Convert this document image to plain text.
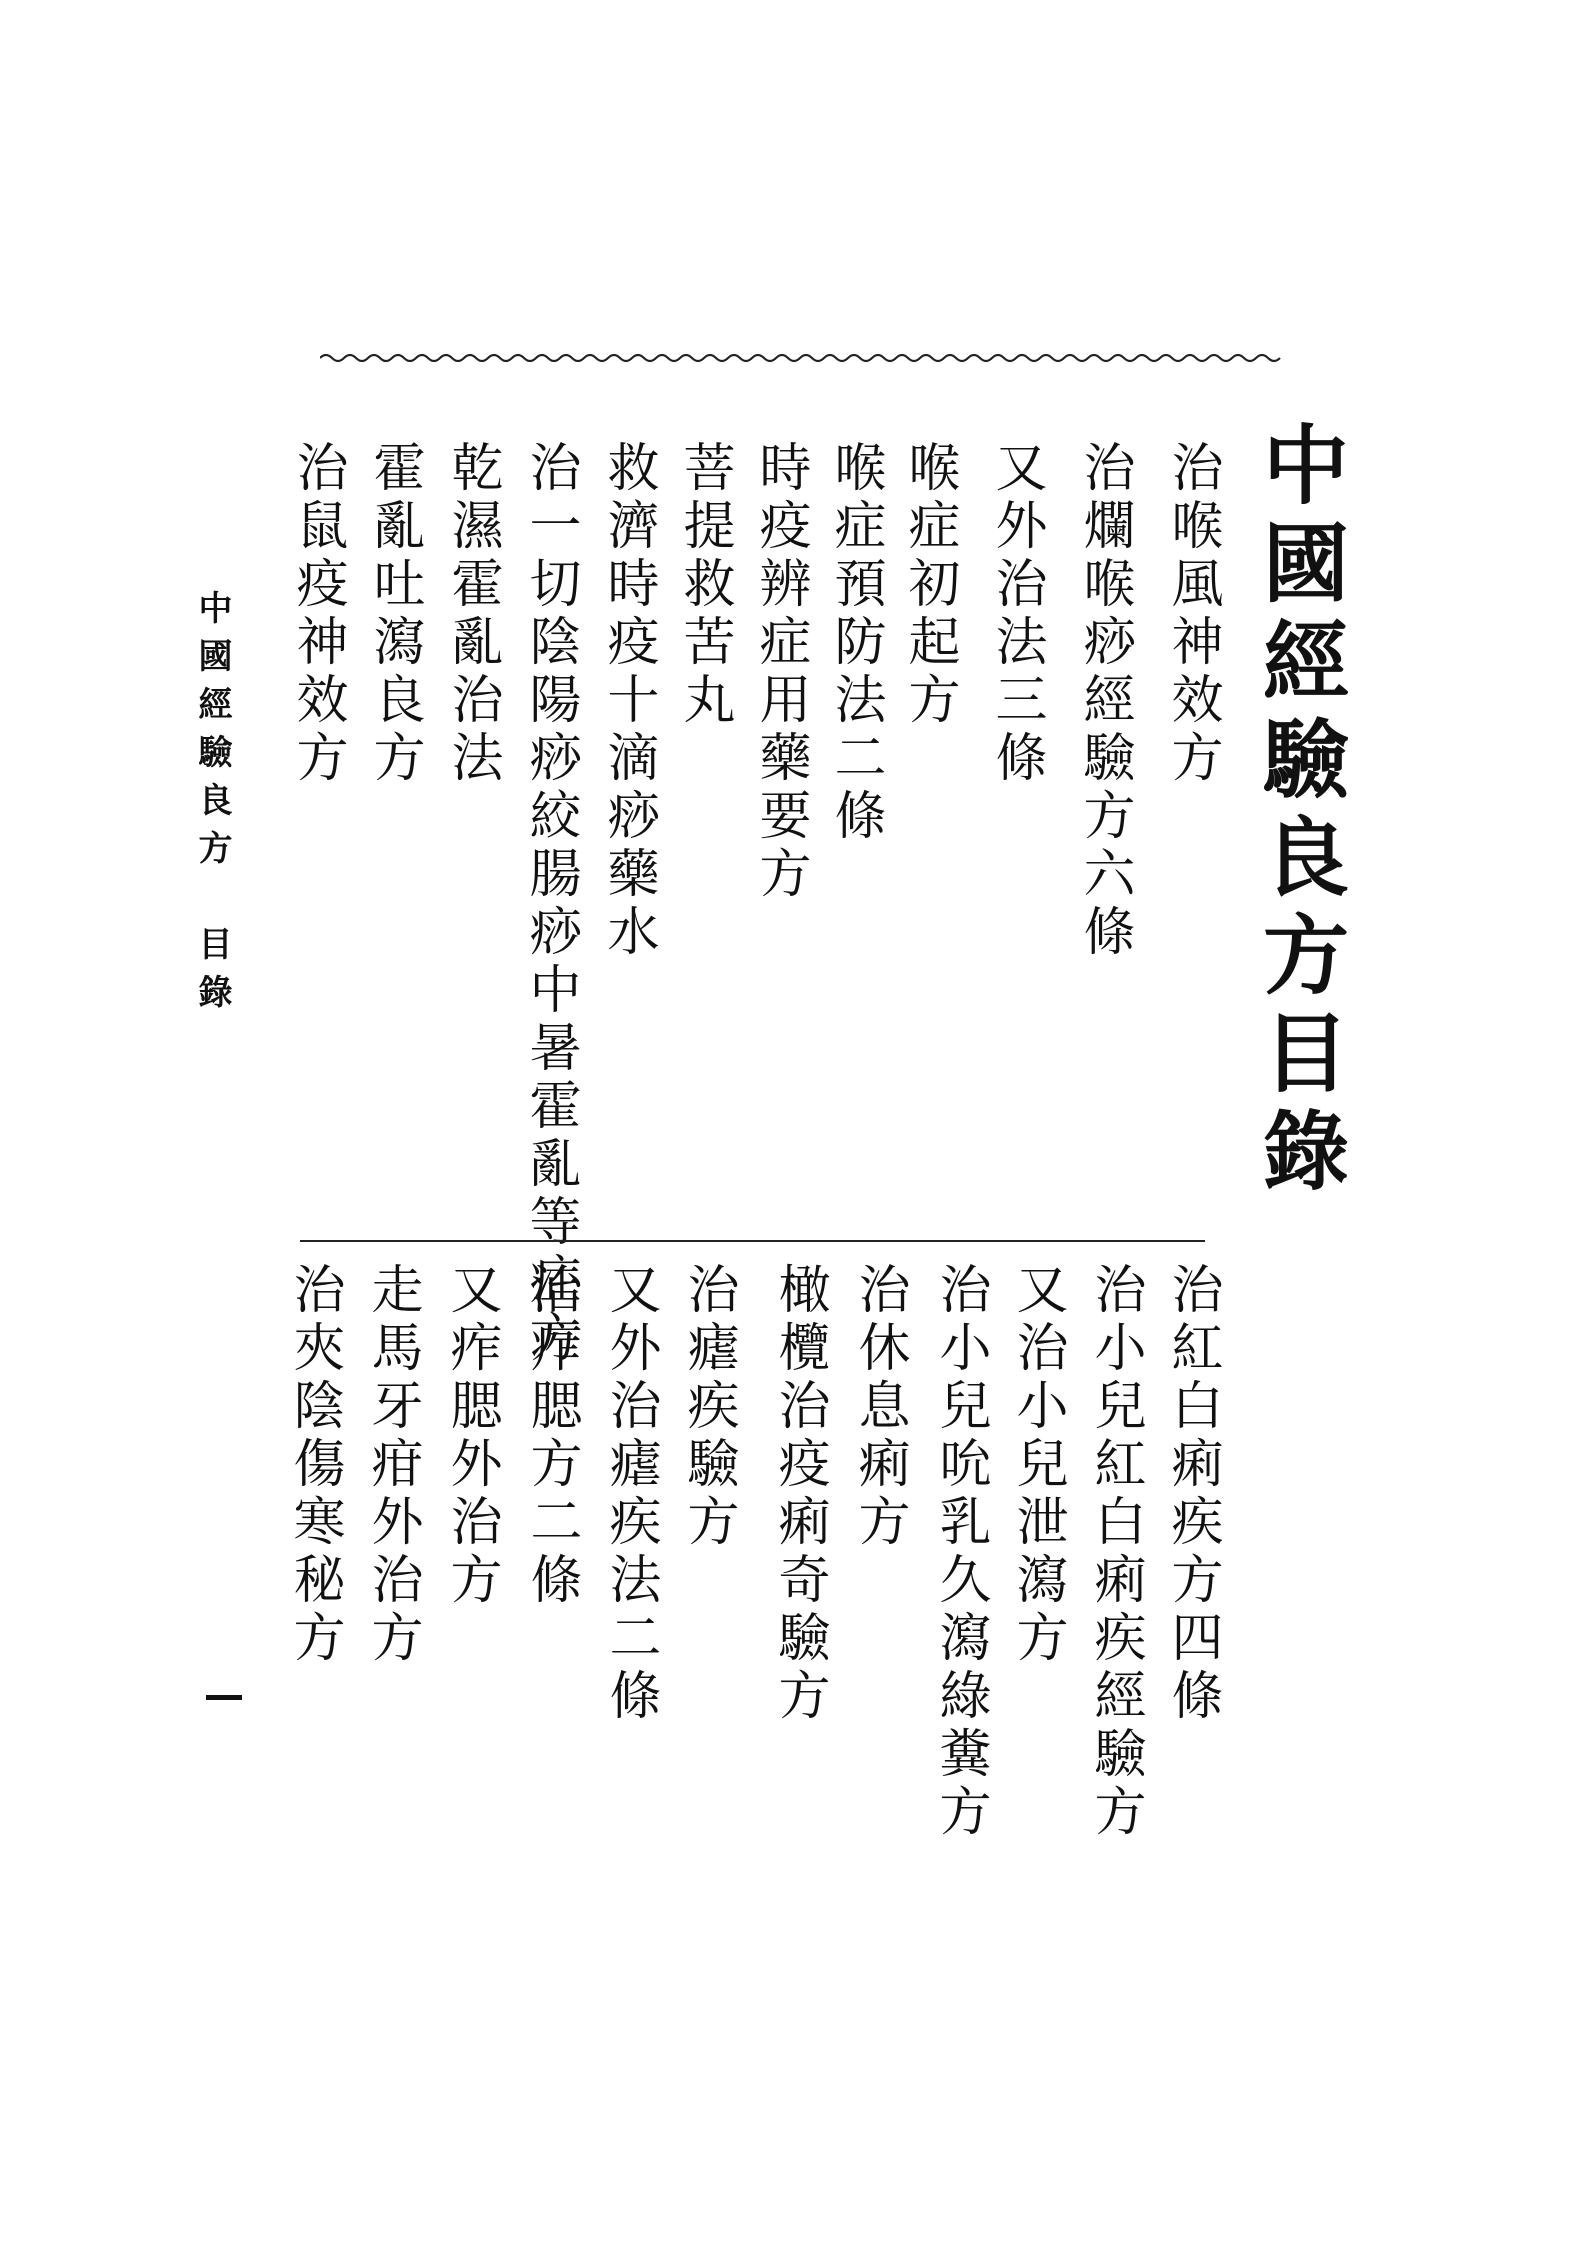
中國經驗良方目錄
治喉風神效方
治爛喉痧經驗方六條
又外治法三條
喉症初起方
喉症預防法二條
時疫辨症用藥要方
菩提救苦丸
救濟時疫十滴痧藥水
治一切陰陽痧絞腸痧中暑霍亂等症方
乾濕霍亂治法
霍亂吐瀉良方
治鼠疫神效方
治紅白痢疾方四條
治小兒紅白痢疾經驗方
又治小兒泄瀉方
治小兒吮乳久瀉綠糞方
治休息痢方
橄欖治疫痢奇驗方
治瘧疾驗方
又外治瘧疾法二條
治痄腮方二條
又痄腮外治方
走馬牙疳外治方
治夾陰傷寒秘方
中國經驗良方　目錄
